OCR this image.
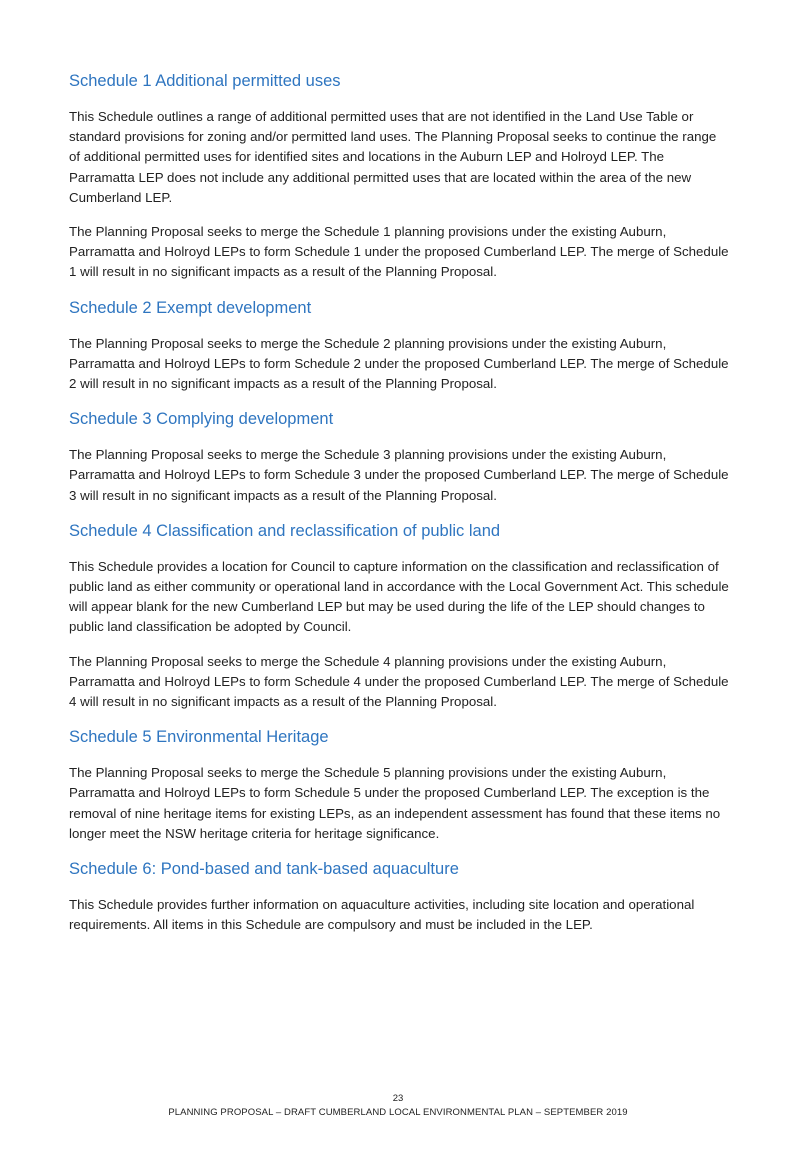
Schedule 1 Additional permitted uses

This Schedule outlines a range of additional permitted uses that are not identified in the Land Use Table or standard provisions for zoning and/or permitted land uses. The Planning Proposal seeks to continue the range of additional permitted uses for identified sites and locations in the Auburn LEP and Holroyd LEP. The Parramatta LEP does not include any additional permitted uses that are located within the area of the new Cumberland LEP.

The Planning Proposal seeks to merge the Schedule 1 planning provisions under the existing Auburn, Parramatta and Holroyd LEPs to form Schedule 1 under the proposed Cumberland LEP. The merge of Schedule 1 will result in no significant impacts as a result of the Planning Proposal.

Schedule 2 Exempt development

The Planning Proposal seeks to merge the Schedule 2 planning provisions under the existing Auburn, Parramatta and Holroyd LEPs to form Schedule 2 under the proposed Cumberland LEP. The merge of Schedule 2 will result in no significant impacts as a result of the Planning Proposal.

Schedule 3 Complying development

The Planning Proposal seeks to merge the Schedule 3 planning provisions under the existing Auburn, Parramatta and Holroyd LEPs to form Schedule 3 under the proposed Cumberland LEP. The merge of Schedule 3 will result in no significant impacts as a result of the Planning Proposal.

Schedule 4 Classification and reclassification of public land

This Schedule provides a location for Council to capture information on the classification and reclassification of public land as either community or operational land in accordance with the Local Government Act. This schedule will appear blank for the new Cumberland LEP but may be used during the life of the LEP should changes to public land classification be adopted by Council.

The Planning Proposal seeks to merge the Schedule 4 planning provisions under the existing Auburn, Parramatta and Holroyd LEPs to form Schedule 4 under the proposed Cumberland LEP. The merge of Schedule 4 will result in no significant impacts as a result of the Planning Proposal.

Schedule 5 Environmental Heritage

The Planning Proposal seeks to merge the Schedule 5 planning provisions under the existing Auburn, Parramatta and Holroyd LEPs to form Schedule 5 under the proposed Cumberland LEP. The exception is the removal of nine heritage items for existing LEPs, as an independent assessment has found that these items no longer meet the NSW heritage criteria for heritage significance.

Schedule 6: Pond-based and tank-based aquaculture

This Schedule provides further information on aquaculture activities, including site location and operational requirements. All items in this Schedule are compulsory and must be included in the LEP.

23
PLANNING PROPOSAL – DRAFT CUMBERLAND LOCAL ENVIRONMENTAL PLAN – SEPTEMBER 2019
